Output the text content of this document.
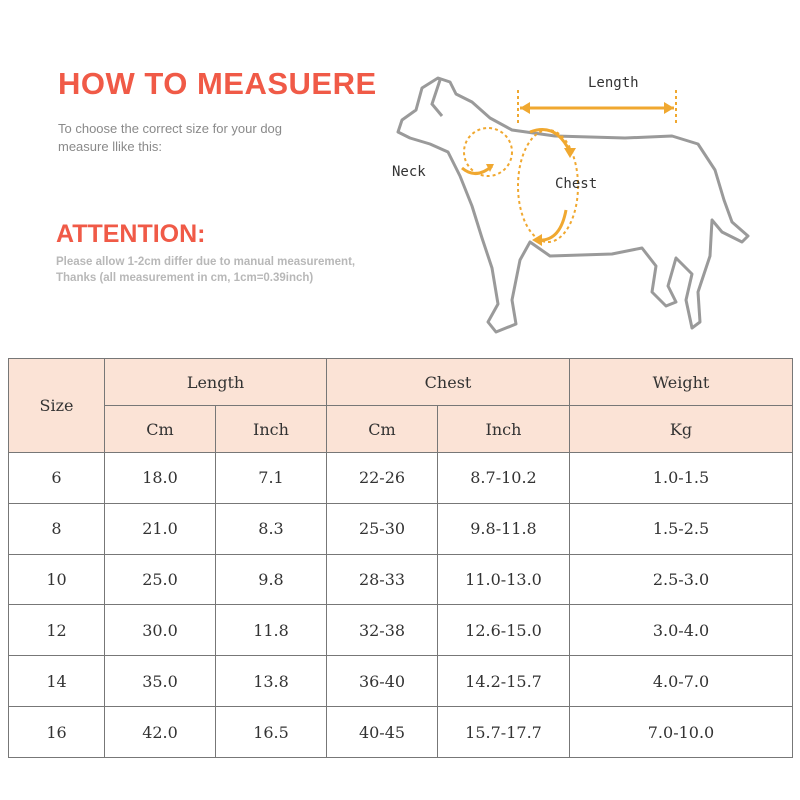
HOW TO MEASUERE
To choose the correct size for your dog measure llike this:
ATTENTION:
Please allow 1-2cm differ due to manual measurement,
Thanks (all measurement in cm, 1cm=0.39inch)
Length
Neck
Chest
Size	Length		Chest		Weight
	Cm	Inch	Cm	Inch	Kg
6	18.0	7.1	22-26	8.7-10.2	1.0-1.5
8	21.0	8.3	25-30	9.8-11.8	1.5-2.5
10	25.0	9.8	28-33	11.0-13.0	2.5-3.0
12	30.0	11.8	32-38	12.6-15.0	3.0-4.0
14	35.0	13.8	36-40	14.2-15.7	4.0-7.0
16	42.0	16.5	40-45	15.7-17.7	7.0-10.0
